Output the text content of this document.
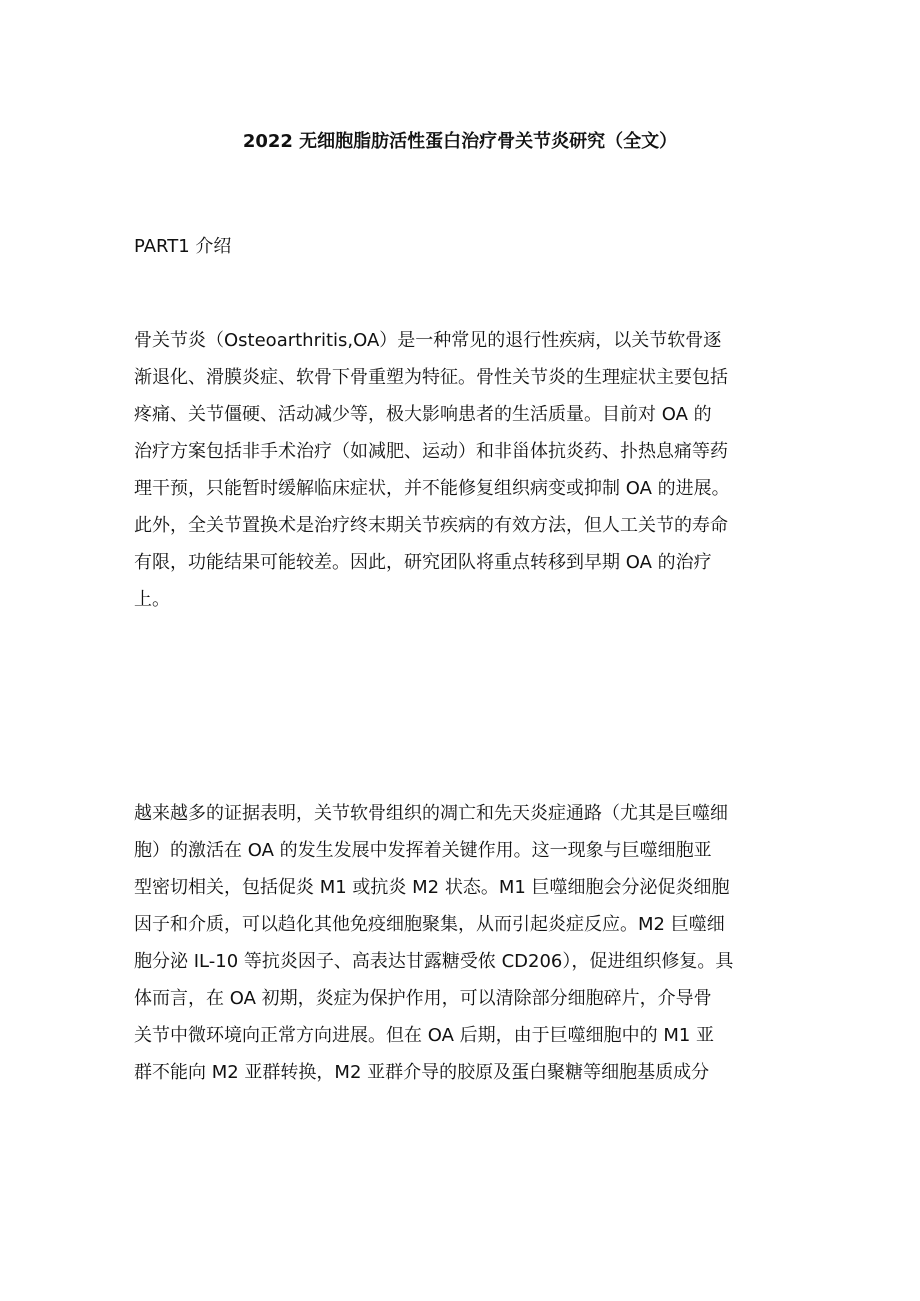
2022 无细胞脂肪活性蛋白治疗骨关节炎研究（全文）
PART1 介绍
骨关节炎（Osteoarthritis,OA）是一种常见的退行性疾病，以关节软骨逐
渐退化、滑膜炎症、软骨下骨重塑为特征。骨性关节炎的生理症状主要包括
疼痛、关节僵硬、活动减少等，极大影响患者的生活质量。目前对 OA 的
治疗方案包括非手术治疗（如减肥、运动）和非甾体抗炎药、扑热息痛等药
理干预，只能暂时缓解临床症状，并不能修复组织病变或抑制 OA 的进展。
此外，全关节置换术是治疗终末期关节疾病的有效方法，但人工关节的寿命
有限，功能结果可能较差。因此，研究团队将重点转移到早期 OA 的治疗
上。
越来越多的证据表明，关节软骨组织的凋亡和先天炎症通路（尤其是巨噬细
胞）的激活在 OA 的发生发展中发挥着关键作用。这一现象与巨噬细胞亚
型密切相关，包括促炎 M1 或抗炎 M2 状态。M1 巨噬细胞会分泌促炎细胞
因子和介质，可以趋化其他免疫细胞聚集，从而引起炎症反应。M2 巨噬细
胞分泌 IL-10 等抗炎因子、高表达甘露糖受侬 CD206），促进组织修复。具
体而言，在 OA 初期，炎症为保护作用，可以清除部分细胞碎片，介导骨
关节中微环境向正常方向进展。但在 OA 后期，由于巨噬细胞中的 M1 亚
群不能向 M2 亚群转换，M2 亚群介导的胶原及蛋白聚糖等细胞基质成分
